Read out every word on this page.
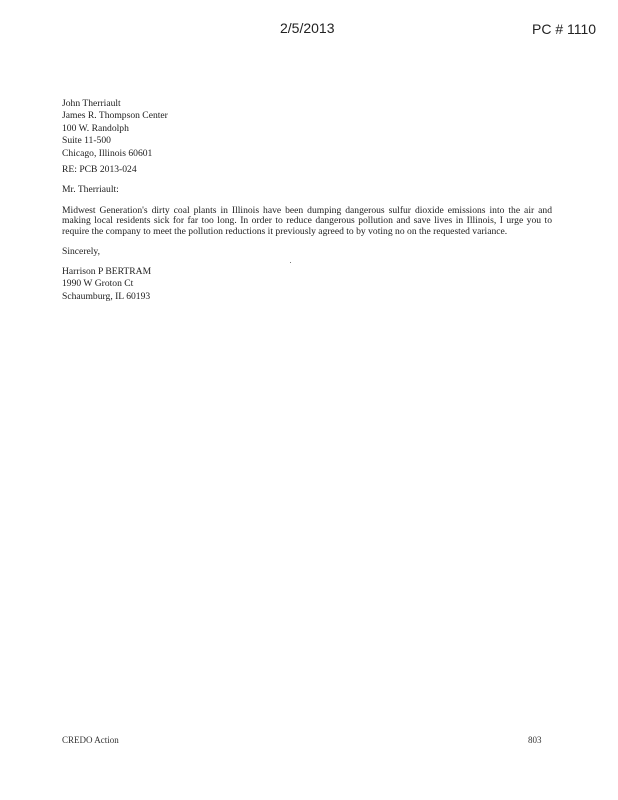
2/5/2013	PC # 1110
John Therriault
James R. Thompson Center
100 W. Randolph
Suite 11-500
Chicago, Illinois 60601
RE: PCB 2013-024
Mr. Therriault:

Midwest Generation's dirty coal plants in Illinois have been dumping dangerous sulfur dioxide emissions into the air and making local residents sick for far too long. In order to reduce dangerous pollution and save lives in Illinois, I urge you to require the company to meet the pollution reductions it previously agreed to by voting no on the requested variance.

Sincerely,
Harrison P BERTRAM
1990 W Groton Ct
Schaumburg, IL 60193
CREDO Action	803
